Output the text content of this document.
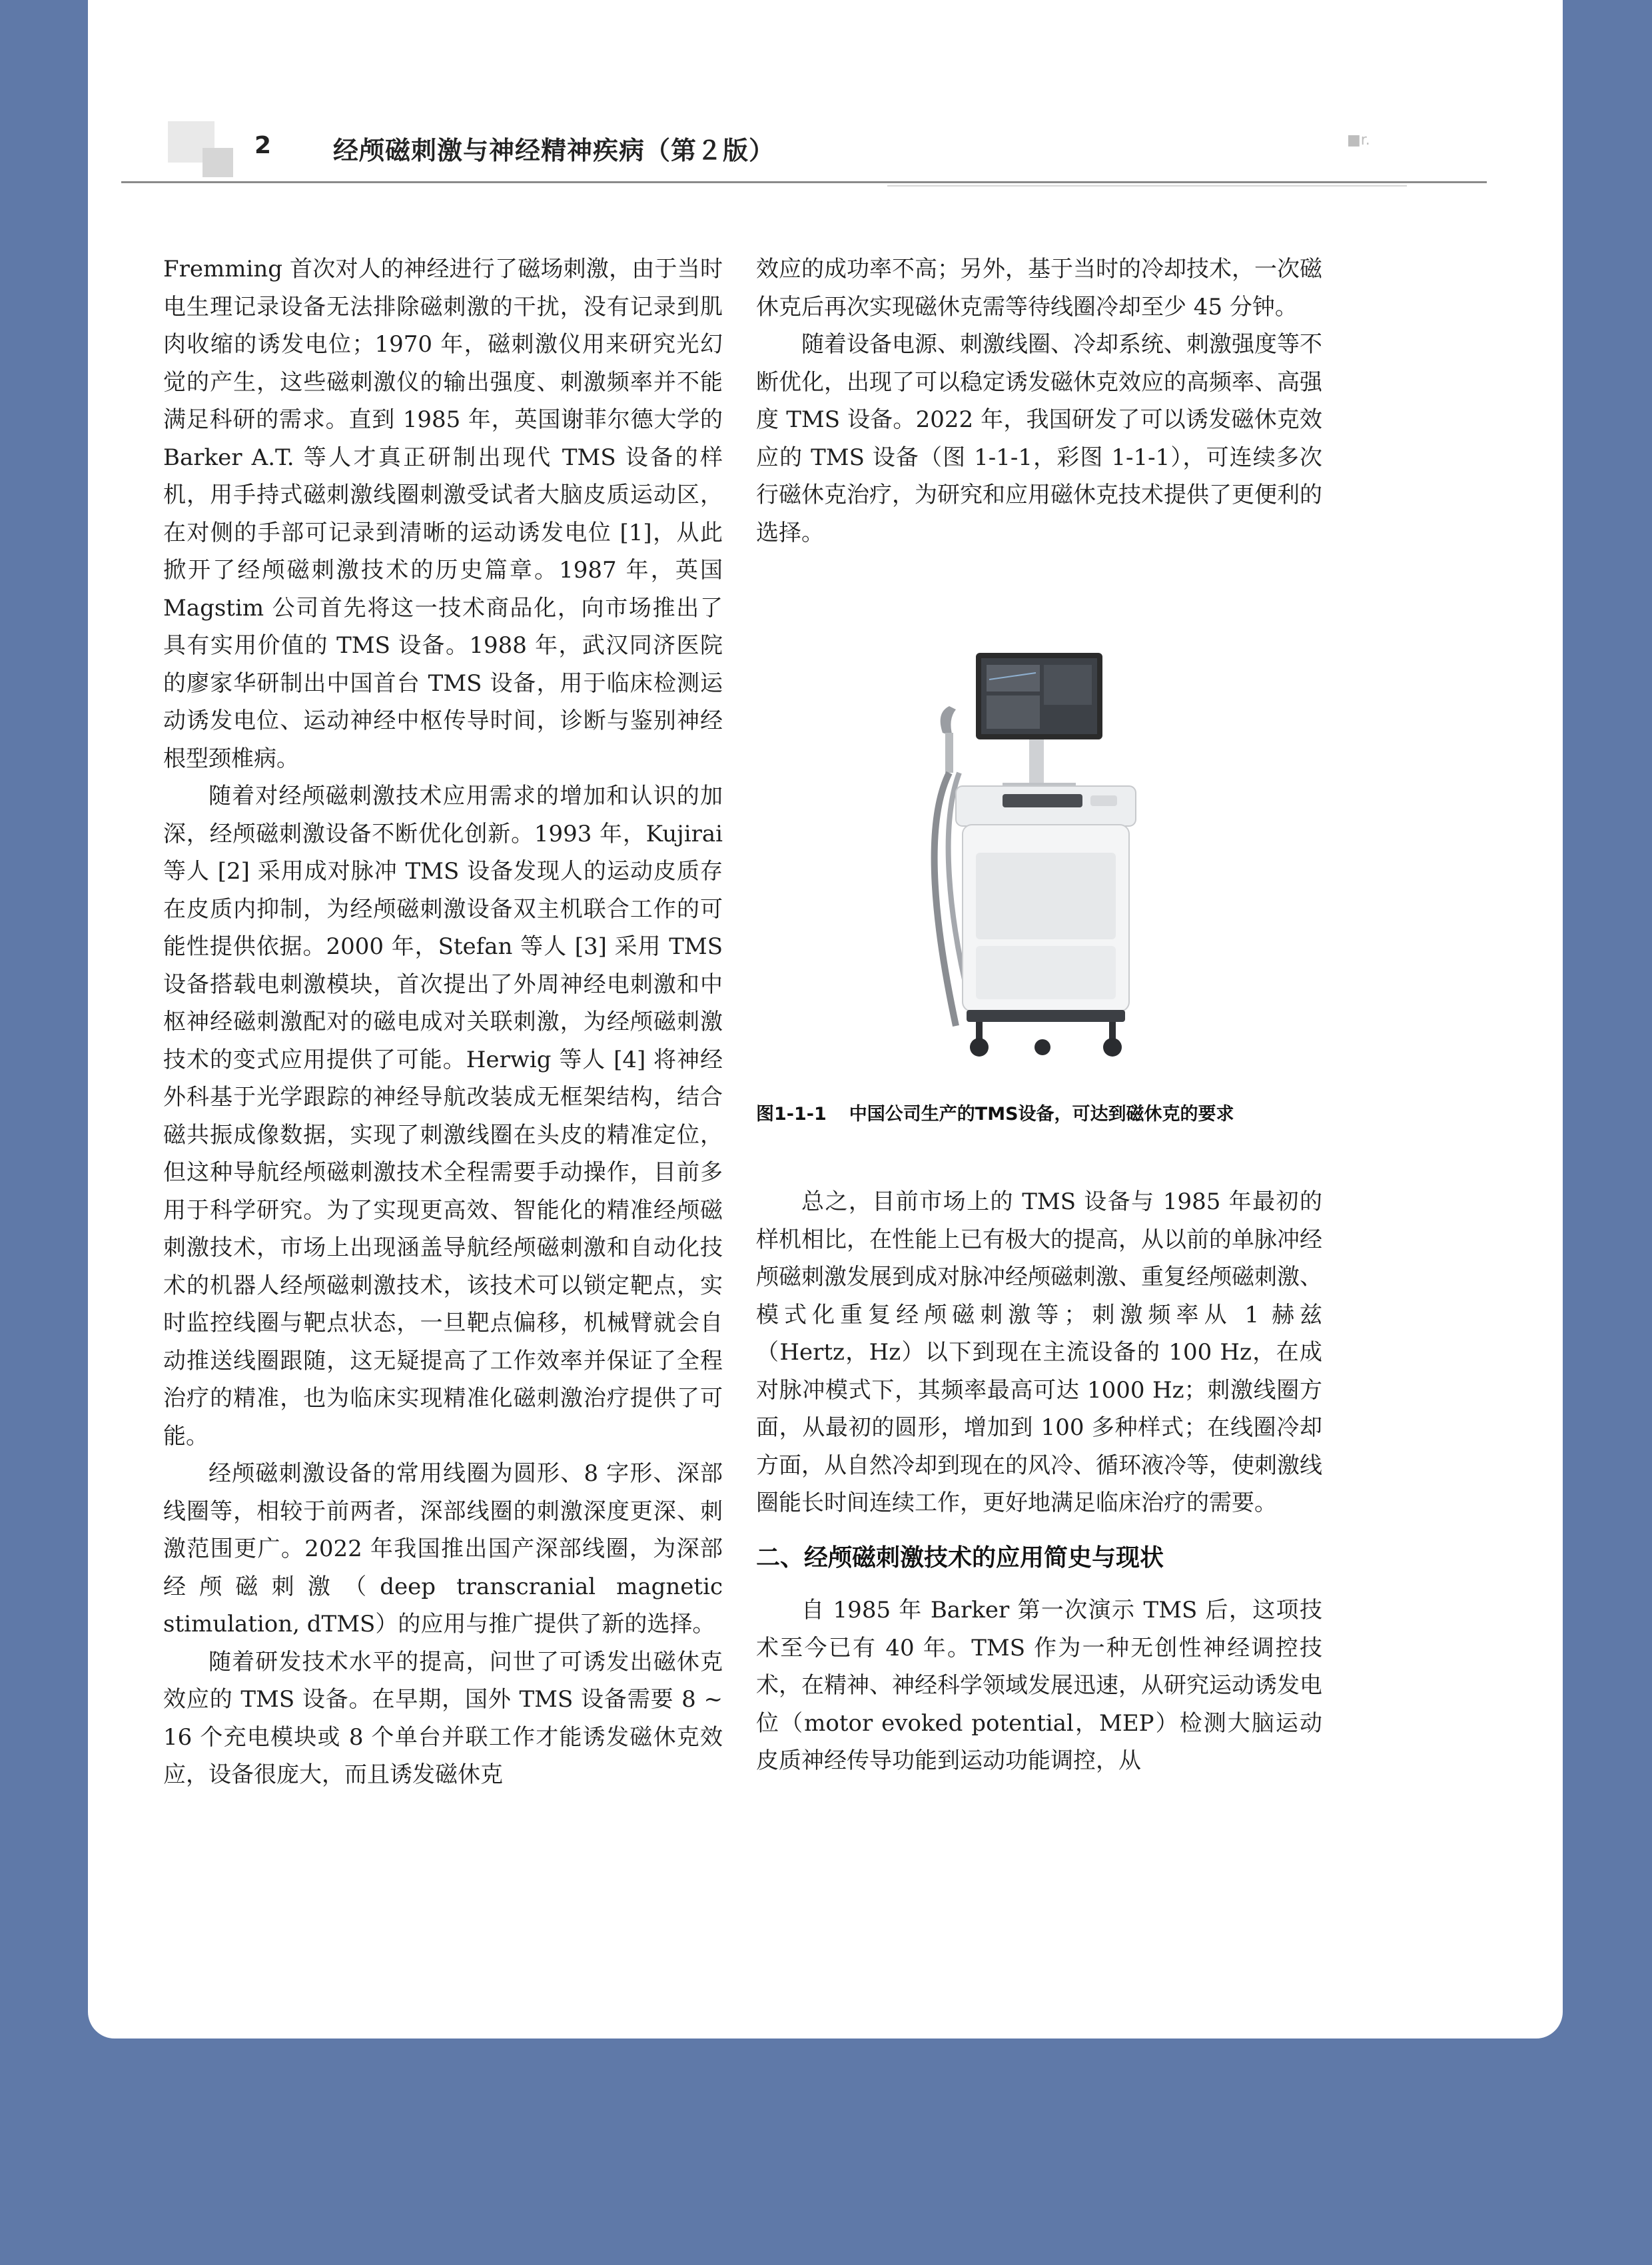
2 经颅磁刺激与神经精神疾病（第２版）	■r.

Fremming 首次对人的神经进行了磁场刺激，由于当时电生理记录设备无法排除磁刺激的干扰，没有记录到肌肉收缩的诱发电位；1970 年，磁刺激仪用来研究光幻觉的产生，这些磁刺激仪的输出强度、刺激频率并不能满足科研的需求。直到 1985 年，英国谢菲尔德大学的 Barker A.T. 等人才真正研制出现代 TMS 设备的样机，用手持式磁刺激线圈刺激受试者大脑皮质运动区，在对侧的手部可记录到清晰的运动诱发电位 [1]，从此掀开了经颅磁刺激技术的历史篇章。1987 年，英国 Magstim 公司首先将这一技术商品化，向市场推出了具有实用价值的 TMS 设备。1988 年，武汉同济医院的廖家华研制出中国首台 TMS 设备，用于临床检测运动诱发电位、运动神经中枢传导时间，诊断与鉴别神经根型颈椎病。

随着对经颅磁刺激技术应用需求的增加和认识的加深，经颅磁刺激设备不断优化创新。1993 年，Kujirai 等人 [2] 采用成对脉冲 TMS 设备发现人的运动皮质存在皮质内抑制，为经颅磁刺激设备双主机联合工作的可能性提供依据。2000 年，Stefan 等人 [3] 采用 TMS 设备搭载电刺激模块，首次提出了外周神经电刺激和中枢神经磁刺激配对的磁电成对关联刺激，为经颅磁刺激技术的变式应用提供了可能。Herwig 等人 [4] 将神经外科基于光学跟踪的神经导航改装成无框架结构，结合磁共振成像数据，实现了刺激线圈在头皮的精准定位，但这种导航经颅磁刺激技术全程需要手动操作，目前多用于科学研究。为了实现更高效、智能化的精准经颅磁刺激技术，市场上出现涵盖导航经颅磁刺激和自动化技术的机器人经颅磁刺激技术，该技术可以锁定靶点，实时监控线圈与靶点状态，一旦靶点偏移，机械臂就会自动推送线圈跟随，这无疑提高了工作效率并保证了全程治疗的精准，也为临床实现精准化磁刺激治疗提供了可能。

经颅磁刺激设备的常用线圈为圆形、8 字形、深部线圈等，相较于前两者，深部线圈的刺激深度更深、刺激范围更广。2022 年我国推出国产深部线圈，为深部经颅磁刺激（deep transcranial magnetic stimulation, dTMS）的应用与推广提供了新的选择。

随着研发技术水平的提高，问世了可诱发出磁休克效应的 TMS 设备。在早期，国外 TMS 设备需要 8 ~ 16 个充电模块或 8 个单台并联工作才能诱发磁休克效应，设备很庞大，而且诱发磁休克

效应的成功率不高；另外，基于当时的冷却技术，一次磁休克后再次实现磁休克需等待线圈冷却至少 45 分钟。

随着设备电源、刺激线圈、冷却系统、刺激强度等不断优化，出现了可以稳定诱发磁休克效应的高频率、高强度 TMS 设备。2022 年，我国研发了可以诱发磁休克效应的 TMS 设备（图 1-1-1，彩图 1-1-1），可连续多次行磁休克治疗，为研究和应用磁休克技术提供了更便利的选择。

图1-1-1 中国公司生产的TMS设备，可达到磁休克的要求

总之，目前市场上的 TMS 设备与 1985 年最初的样机相比，在性能上已有极大的提高，从以前的单脉冲经颅磁刺激发展到成对脉冲经颅磁刺激、重复经颅磁刺激、模式化重复经颅磁刺激等；刺激频率从 1 赫兹（Hertz，Hz）以下到现在主流设备的 100 Hz，在成对脉冲模式下，其频率最高可达 1000 Hz；刺激线圈方面，从最初的圆形，增加到 100 多种样式；在线圈冷却方面，从自然冷却到现在的风冷、循环液冷等，使刺激线圈能长时间连续工作，更好地满足临床治疗的需要。

二、经颅磁刺激技术的应用简史与现状

自 1985 年 Barker 第一次演示 TMS 后，这项技术至今已有 40 年。TMS 作为一种无创性神经调控技术，在精神、神经科学领域发展迅速，从研究运动诱发电位（motor evoked potential，MEP）检测大脑运动皮质神经传导功能到运动功能调控，从
